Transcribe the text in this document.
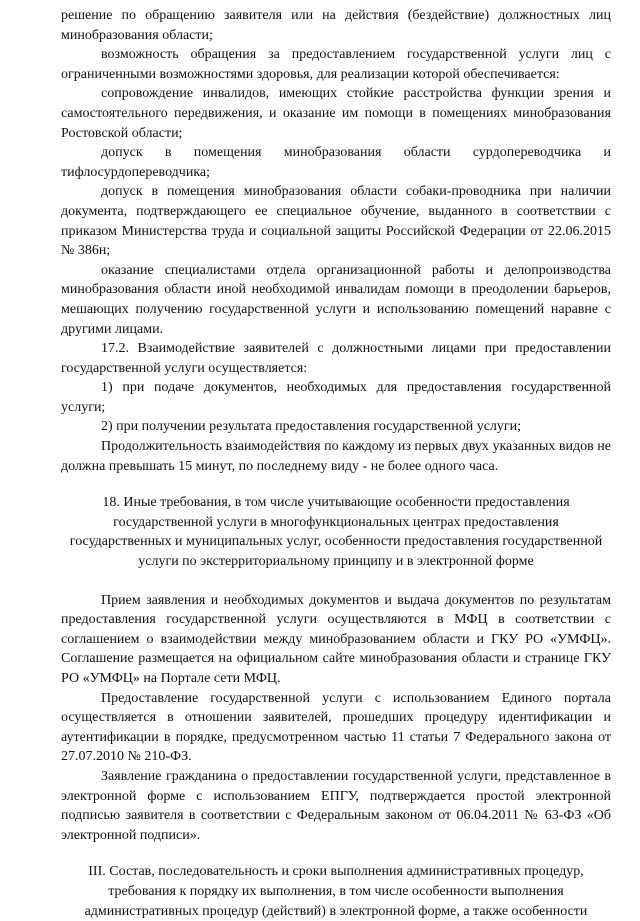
решение по обращению заявителя или на действия (бездействие) должностных лиц минобразования области;

возможность обращения за предоставлением государственной услуги лиц с ограниченными возможностями здоровья, для реализации которой обеспечивается:

сопровождение инвалидов, имеющих стойкие расстройства функции зрения и самостоятельного передвижения, и оказание им помощи в помещениях минобразования Ростовской области;

допуск в помещения минобразования области сурдопереводчика и тифлосурдопереводчика;

допуск в помещения минобразования области собаки-проводника при наличии документа, подтверждающего ее специальное обучение, выданного в соответствии с приказом Министерства труда и социальной защиты Российской Федерации от 22.06.2015 № 386н;

оказание специалистами отдела организационной работы и делопроизводства минобразования области иной необходимой инвалидам помощи в преодолении барьеров, мешающих получению государственной услуги и использованию помещений наравне с другими лицами.

17.2. Взаимодействие заявителей с должностными лицами при предоставлении государственной услуги осуществляется:

1) при подаче документов, необходимых для предоставления государственной услуги;

2) при получении результата предоставления государственной услуги;

Продолжительность взаимодействия по каждому из первых двух указанных видов не должна превышать 15 минут, по последнему виду - не более одного часа.

18. Иные требования, в том числе учитывающие особенности предоставления государственной услуги в многофункциональных центрах предоставления государственных и муниципальных услуг, особенности предоставления государственной услуги по экстерриториальному принципу и в электронной форме

Прием заявления и необходимых документов и выдача документов по результатам предоставления государственной услуги осуществляются в МФЦ в соответствии с соглашением о взаимодействии между минобразованием области и ГКУ РО «УМФЦ». Соглашение размещается на официальном сайте минобразования области и странице ГКУ РО «УМФЦ» на Портале сети МФЦ.

Предоставление государственной услуги с использованием Единого портала осуществляется в отношении заявителей, прошедших процедуру идентификации и аутентификации в порядке, предусмотренном частью 11 статьи 7 Федерального закона от 27.07.2010 № 210-ФЗ.

Заявление гражданина о предоставлении государственной услуги, представленное в электронной форме с использованием ЕПГУ, подтверждается простой электронной подписью заявителя в соответствии с Федеральным законом от 06.04.2011 № 63-ФЗ «Об электронной подписи».

III. Состав, последовательность и сроки выполнения административных процедур, требования к порядку их выполнения, в том числе особенности выполнения административных процедур (действий) в электронной форме, а также особенности
